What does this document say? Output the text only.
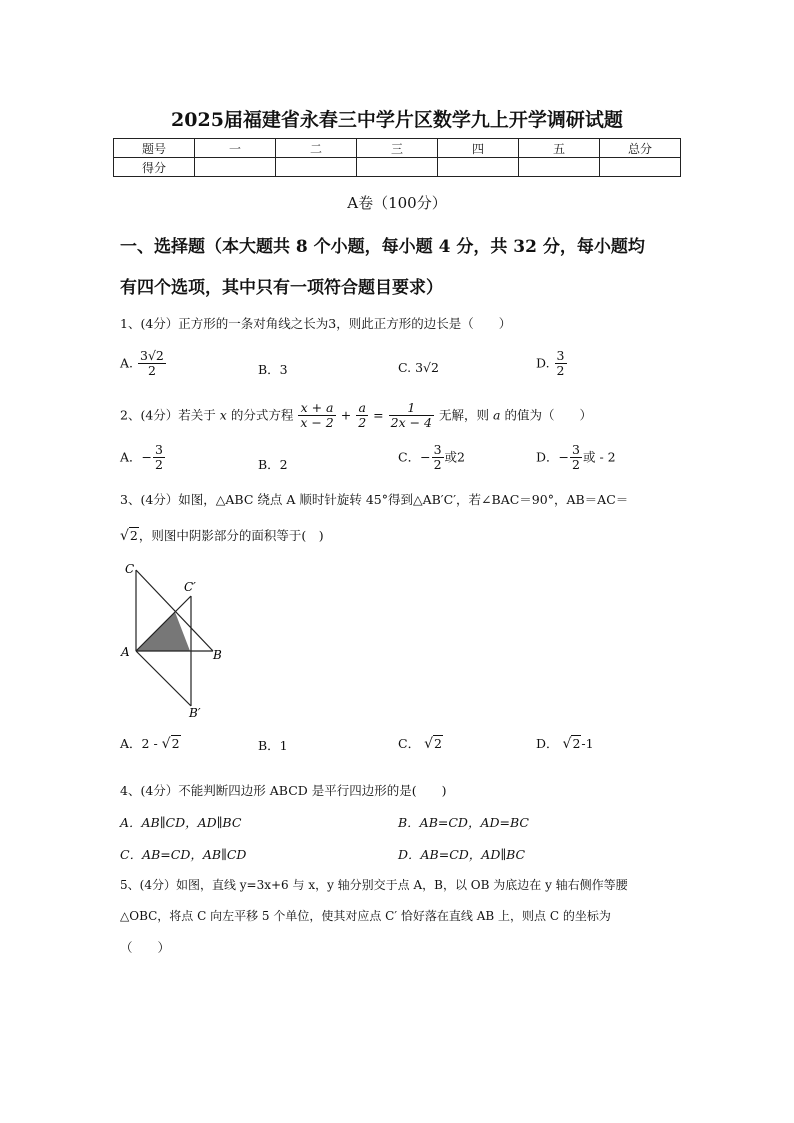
2025届福建省永春三中学片区数学九上开学调研试题
题号	一	二	三	四	五	总分
得分						
A卷（100分）
一、选择题（本大题共 8 个小题，每小题 4 分，共 32 分，每小题均
有四个选项，其中只有一项符合题目要求）
1、(4分）正方形的一条对角线之长为3，则此正方形的边长是（　　）
A. $\frac{3√2}{2}$	B．3	C. 3√2	D. $\frac{3}{2}$
2、(4分）若关于 x 的分式方程 $\frac{x + a}{x - 2} + \frac{a}{2} = \frac{1}{2x - 4}$ 无解，则 a 的值为（　　）
A．− $\frac{3}{2}$	B．2
C．− $\frac{3}{2}$ 或2	D．− $\frac{3}{2}$ 或 - 2
3、(4分）如图，△ABC 绕点 A 顺时针旋转 45°得到△AB′C′，若∠BAC＝90°，AB＝AC＝
√2，则图中阴影部分的面积等于(　)
C
C′
A	B
B′
A．2 - √2	B．1	C． √2	D． √2-1
4、(4分）不能判断四边形 ABCD 是平行四边形的是(　　)
A．AB∥CD，AD∥BC	B．AB=CD，AD=BC
C．AB=CD，AB∥CD	D．AB=CD，AD∥BC
5、(4分）如图，直线 y=3x+6 与 x，y 轴分别交于点 A，B，以 OB 为底边在 y 轴右侧作等腰
△OBC，将点 C 向左平移 5 个单位，使其对应点 C′ 恰好落在直线 AB 上，则点 C 的坐标为
（　　）
